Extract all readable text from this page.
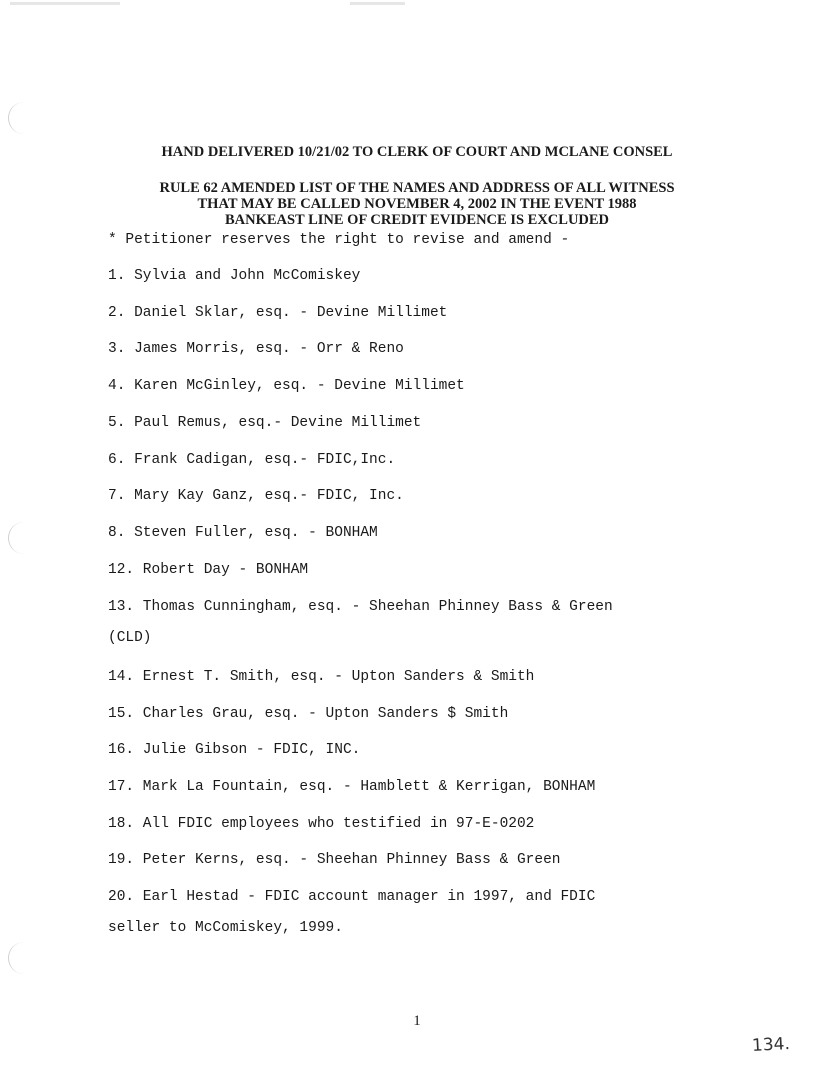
HAND DELIVERED 10/21/02 TO CLERK OF COURT AND MCLANE CONSEL
RULE 62 AMENDED LIST OF THE NAMES AND ADDRESS OF ALL WITNESS
THAT MAY BE CALLED NOVEMBER 4, 2002 IN THE EVENT 1988
BANKEAST LINE OF CREDIT EVIDENCE IS EXCLUDED
* Petitioner reserves the right to revise and amend -
1. Sylvia and John McComiskey
2. Daniel Sklar, esq. - Devine Millimet
3. James Morris, esq. - Orr & Reno
4. Karen McGinley, esq. - Devine Millimet
5. Paul Remus, esq.- Devine Millimet
6. Frank Cadigan, esq.- FDIC,Inc.
7. Mary Kay Ganz, esq.- FDIC, Inc.
8. Steven Fuller, esq. - BONHAM
12. Robert Day - BONHAM
13. Thomas Cunningham, esq. - Sheehan Phinney Bass & Green
(CLD)
14. Ernest T. Smith, esq. - Upton Sanders & Smith
15. Charles Grau, esq. - Upton Sanders $ Smith
16. Julie Gibson - FDIC, INC.
17. Mark La Fountain, esq. - Hamblett & Kerrigan, BONHAM
18. All FDIC employees who testified in 97-E-0202
19. Peter Kerns, esq. - Sheehan Phinney Bass & Green
20. Earl Hestad - FDIC account manager in 1997, and FDIC
seller to McComiskey, 1999.
1
134.
